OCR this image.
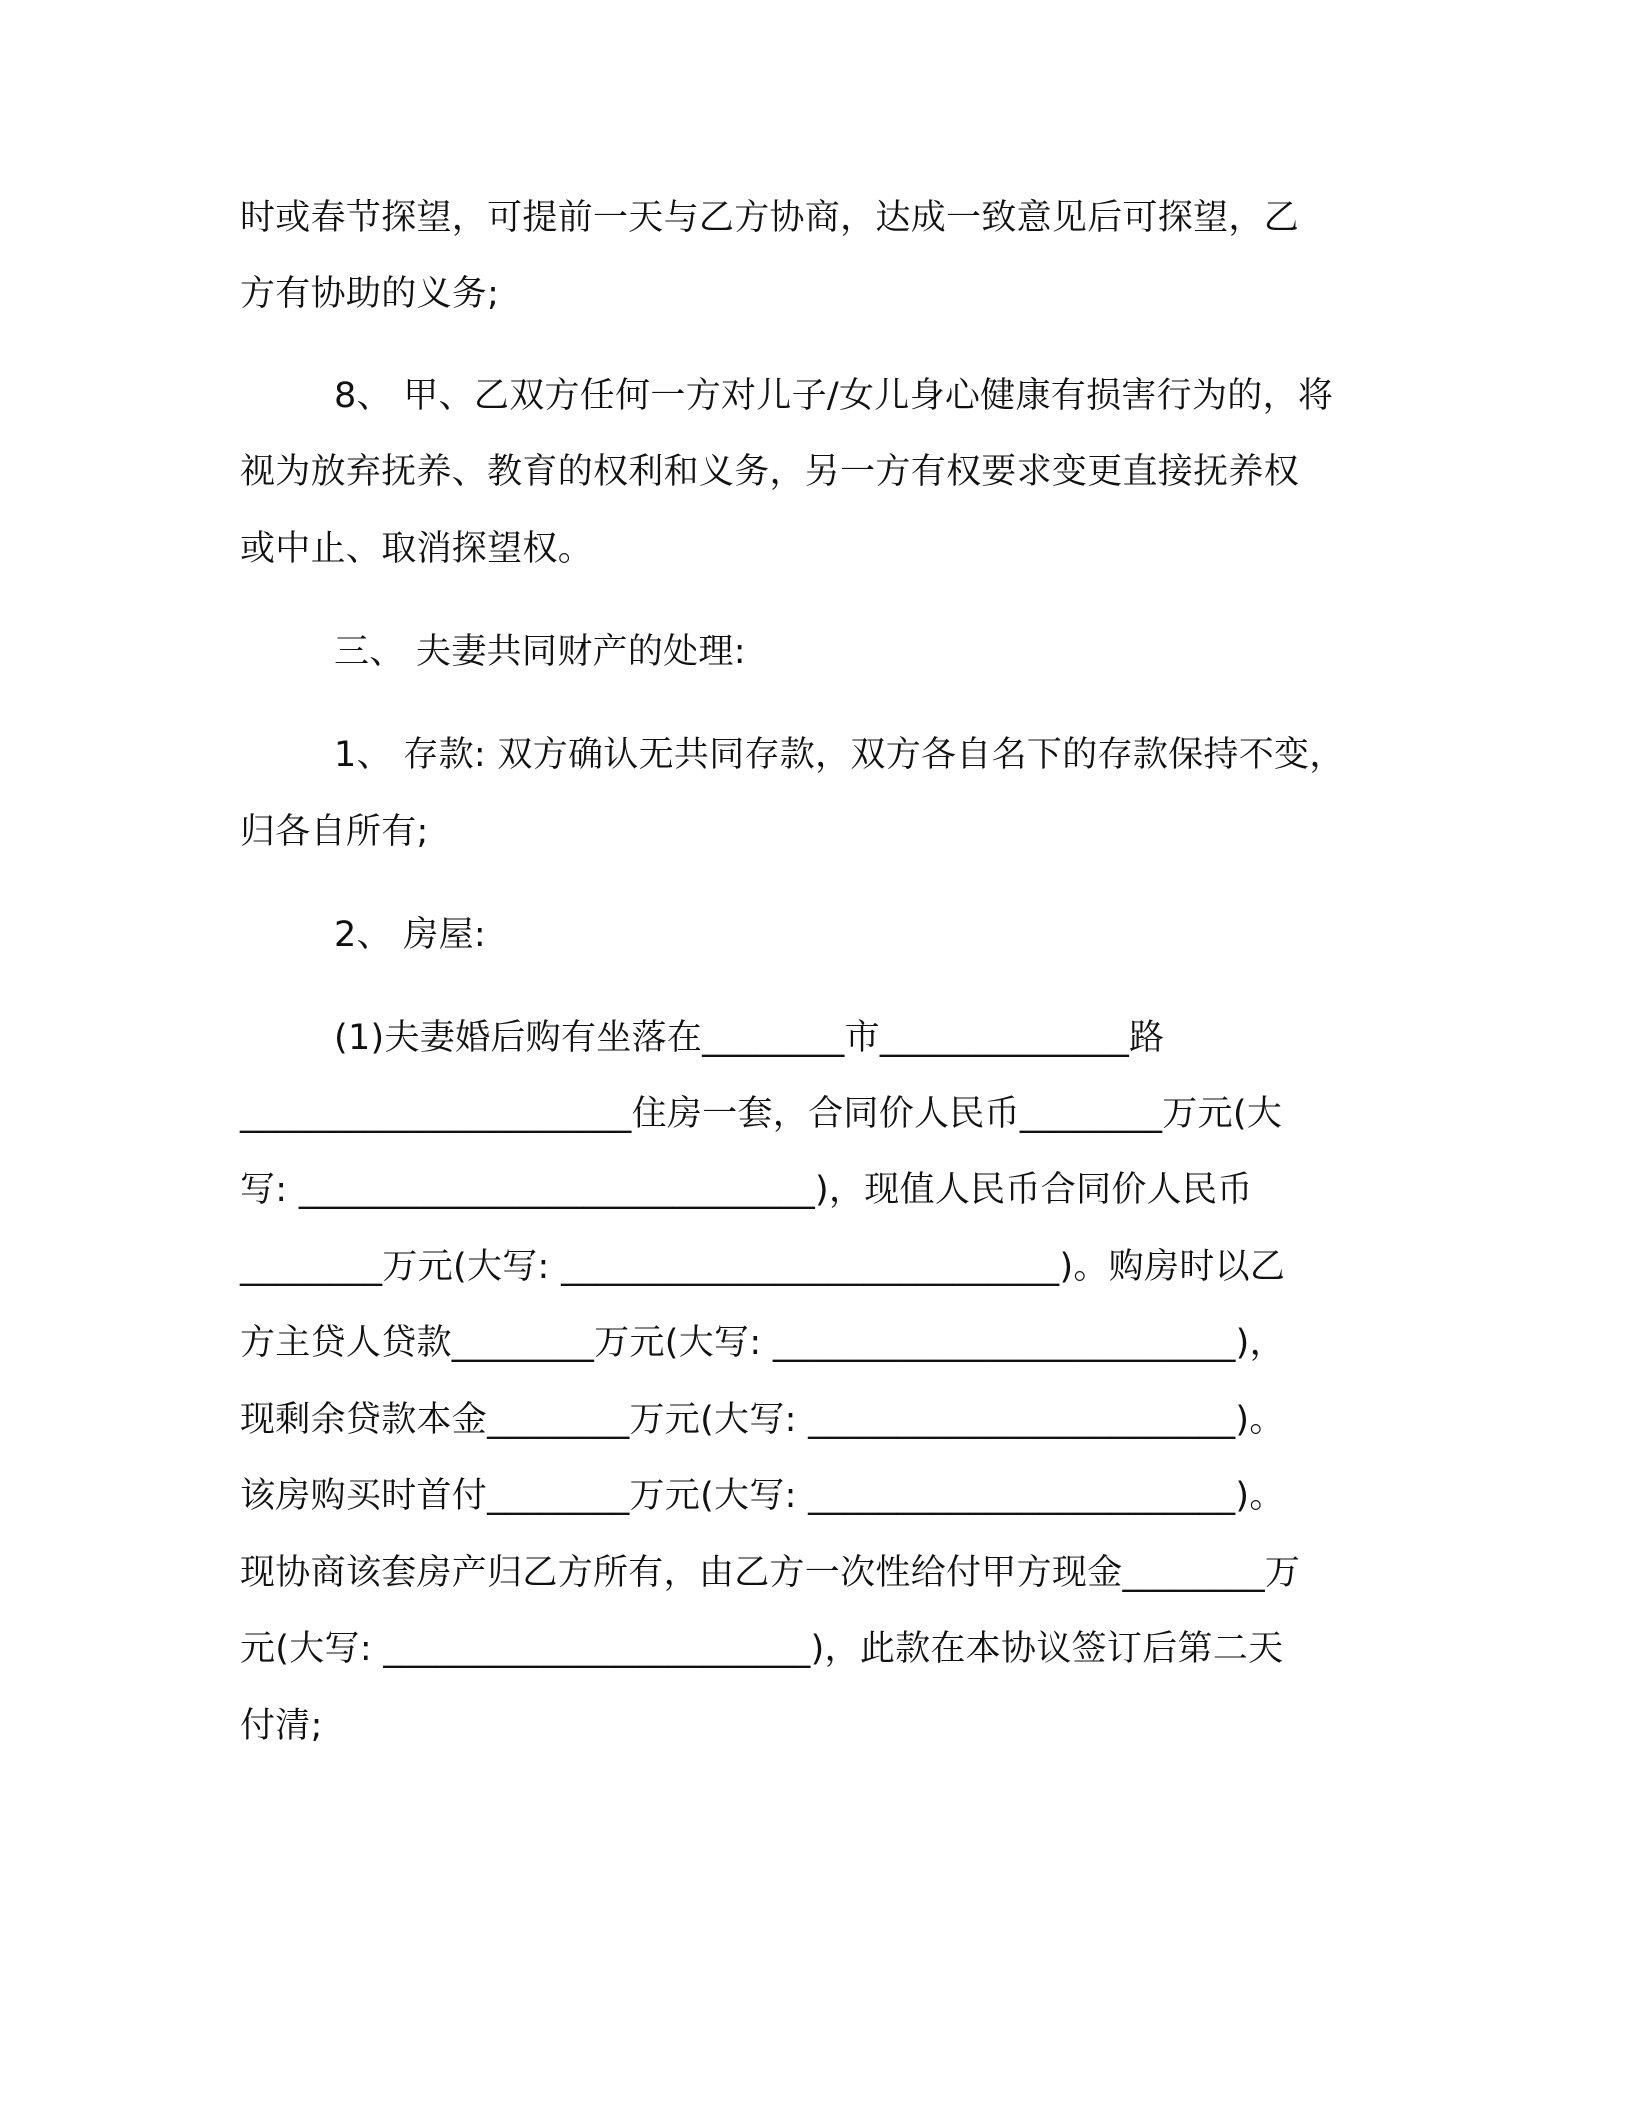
时或春节探望，可提前一天与乙方协商，达成一致意见后可探望，乙
方有协助的义务;
8、 甲、乙双方任何一方对儿子/女儿身心健康有损害行为的，将
视为放弃抚养、教育的权利和义务，另一方有权要求变更直接抚养权
或中止、取消探望权。
三、 夫妻共同财产的处理:
1、 存款: 双方确认无共同存款，双方各自名下的存款保持不变，
归各自所有;
2、 房屋:
(1)夫妻婚后购有坐落在________市______________路
______________________住房一套，合同价人民币________万元(大
写: _____________________________)，现值人民币合同价人民币
________万元(大写: ____________________________)。购房时以乙
方主贷人贷款________万元(大写: __________________________)，
现剩余贷款本金________万元(大写: ________________________)。
该房购买时首付________万元(大写: ________________________)。
现协商该套房产归乙方所有，由乙方一次性给付甲方现金________万
元(大写: ________________________)，此款在本协议签订后第二天
付清;
